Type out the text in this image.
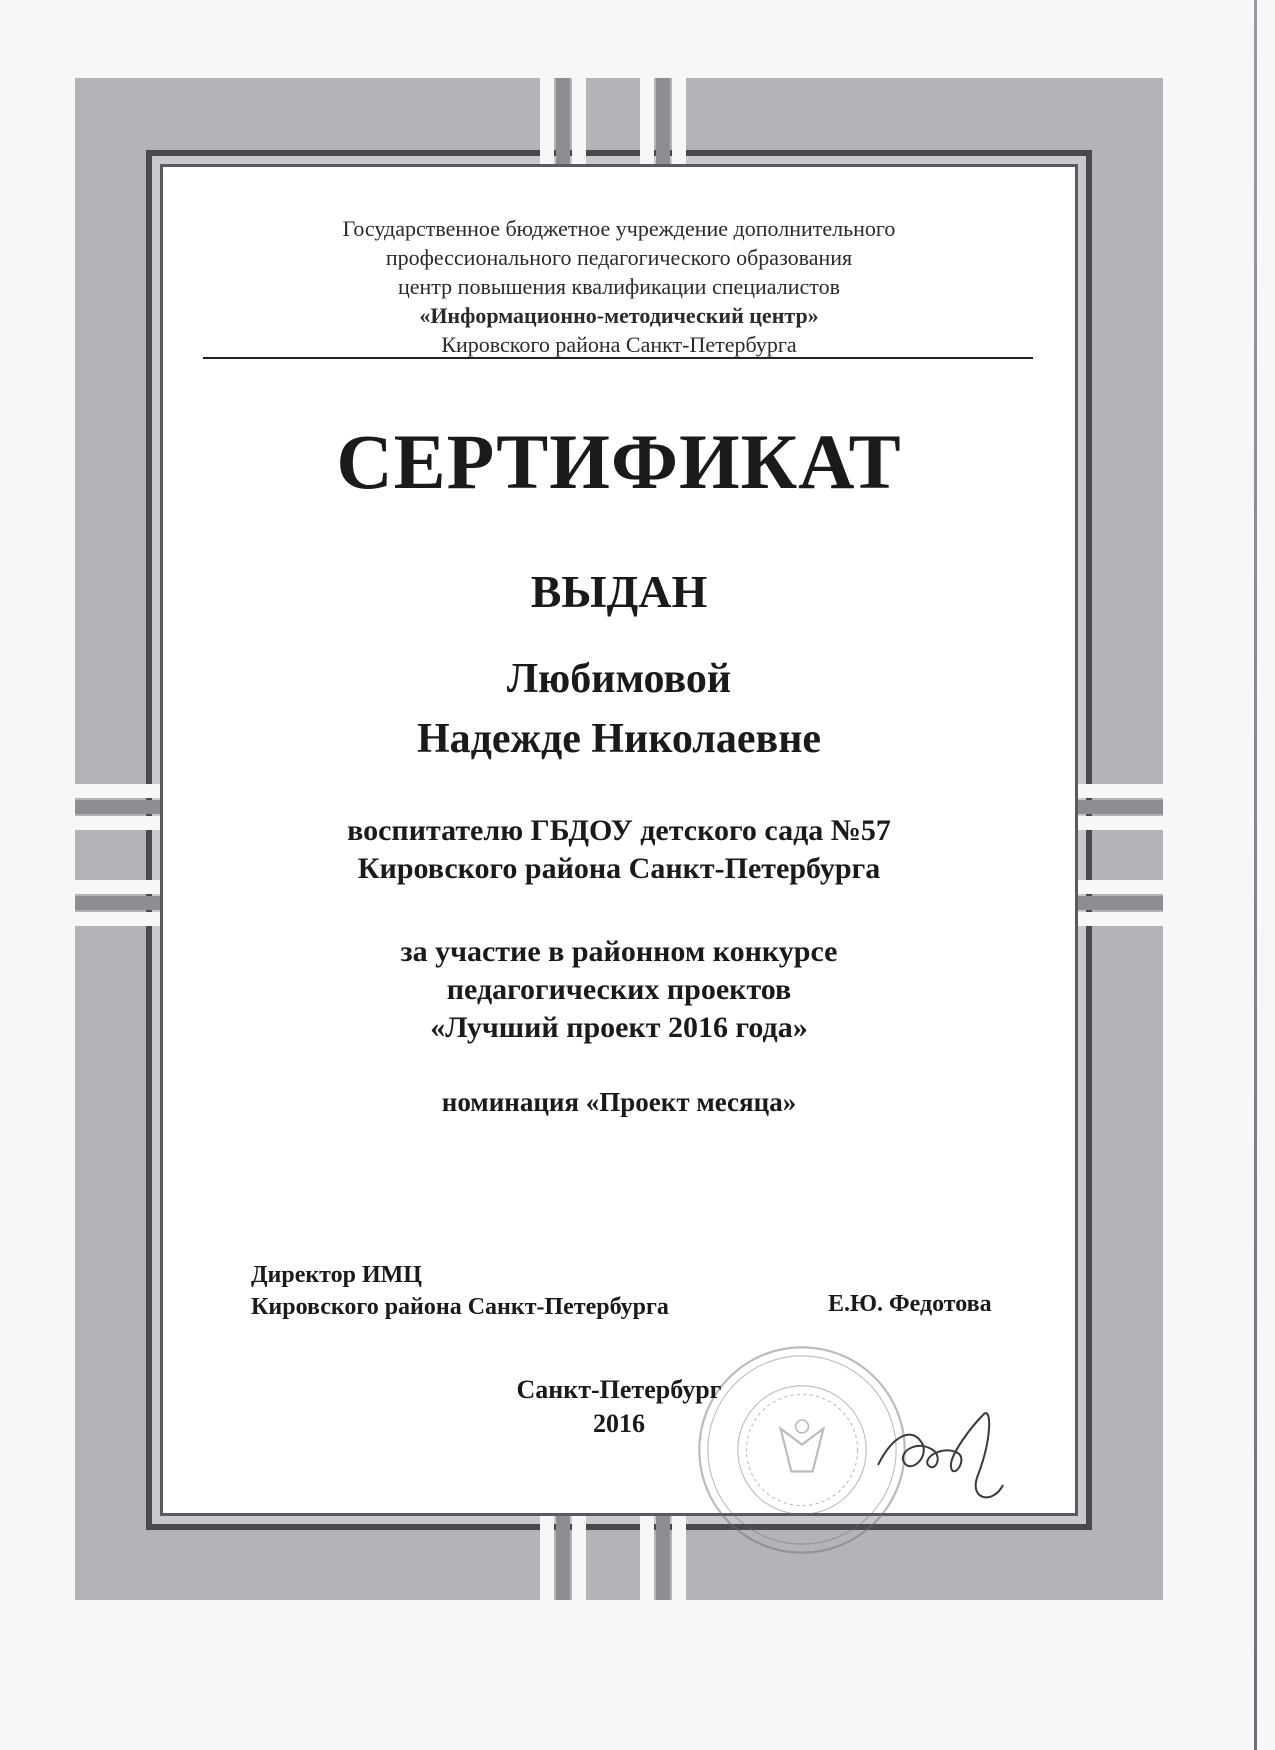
Государственное бюджетное учреждение дополнительного
профессионального педагогического образования
центр повышения квалификации специалистов
«Информационно-методический центр»
Кировского района Санкт-Петербурга
СЕРТИФИКАТ
ВЫДАН
Любимовой
Надежде Николаевне
воспитателю ГБДОУ детского сада №57
Кировского района Санкт-Петербурга
за участие в районном конкурсе
педагогических проектов
«Лучший проект 2016 года»
номинация «Проект месяца»
Директор ИМЦ
Кировского района Санкт-Петербурга	Е.Ю. Федотова
Санкт-Петербург
2016
